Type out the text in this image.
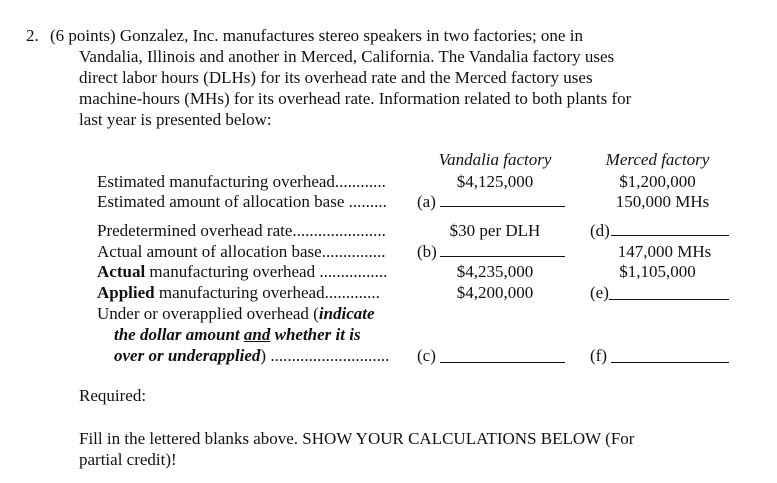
2. (6 points) Gonzalez, Inc. manufactures stereo speakers in two factories; one in
Vandalia, Illinois and another in Merced, California. The Vandalia factory uses
direct labor hours (DLHs) for its overhead rate and the Merced factory uses
machine-hours (MHs) for its overhead rate. Information related to both plants for
last year is presented below:
Vandalia factory	Merced factory
Estimated manufacturing overhead............	$4,125,000	$1,200,000
Estimated amount of allocation base ......... (a)	150,000 MHs
Predetermined overhead rate......................	$30 per DLH	(d)
Actual amount of allocation base............... (b)	147,000 MHs
Actual manufacturing overhead ................	$4,235,000	$1,105,000
Applied manufacturing overhead.............	$4,200,000	(e)
Under or overapplied overhead (indicate
the dollar amount and whether it is
over or underapplied) ............................ (c)	(f)
Required:
Fill in the lettered blanks above. SHOW YOUR CALCULATIONS BELOW (For
partial credit)!
